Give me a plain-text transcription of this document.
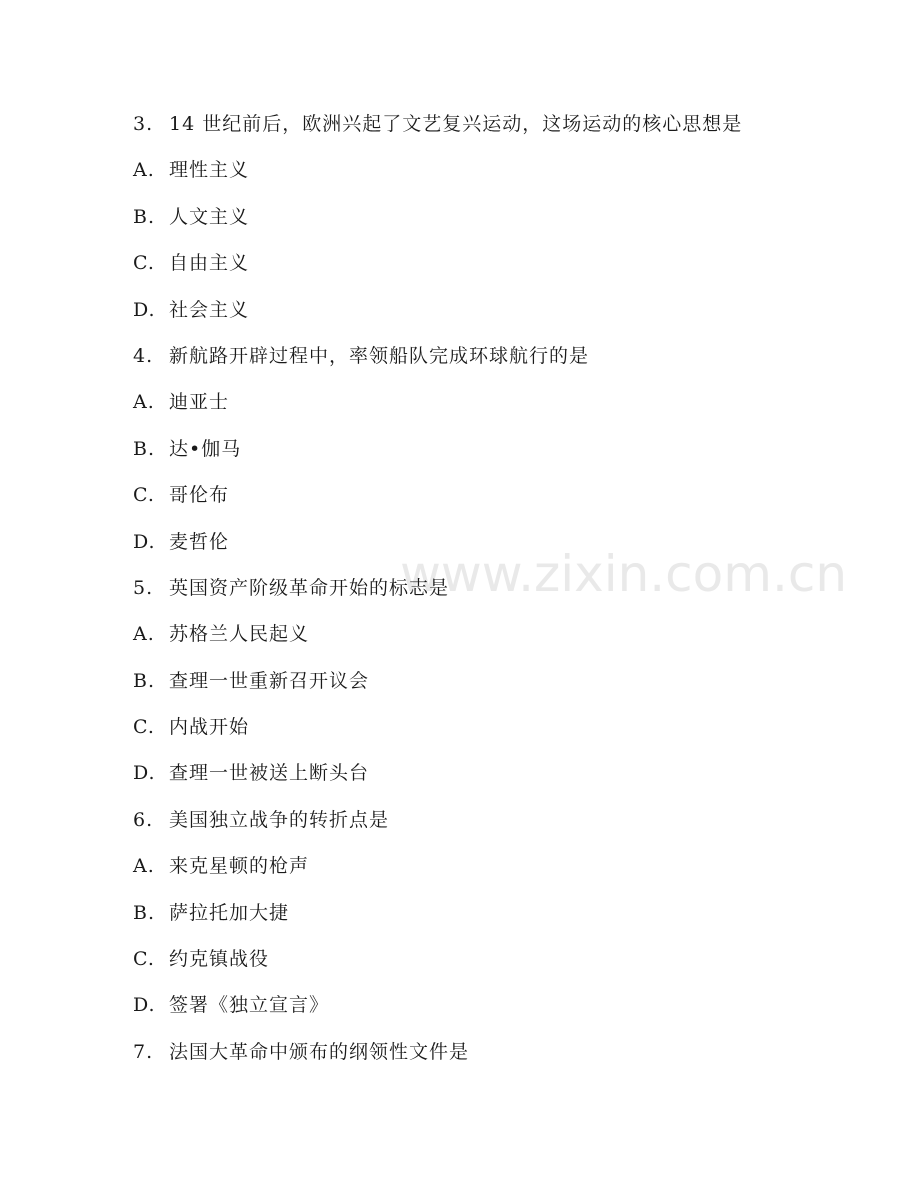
www.zixin.com.cn
3. 14 世纪前后，欧洲兴起了文艺复兴运动，这场运动的核心思想是
A. 理性主义
B. 人文主义
C. 自由主义
D. 社会主义
4. 新航路开辟过程中，率领船队完成环球航行的是
A. 迪亚士
B. 达•伽马
C. 哥伦布
D. 麦哲伦
5. 英国资产阶级革命开始的标志是
A. 苏格兰人民起义
B. 查理一世重新召开议会
C. 内战开始
D. 查理一世被送上断头台
6. 美国独立战争的转折点是
A. 来克星顿的枪声
B. 萨拉托加大捷
C. 约克镇战役
D. 签署《独立宣言》
7. 法国大革命中颁布的纲领性文件是
